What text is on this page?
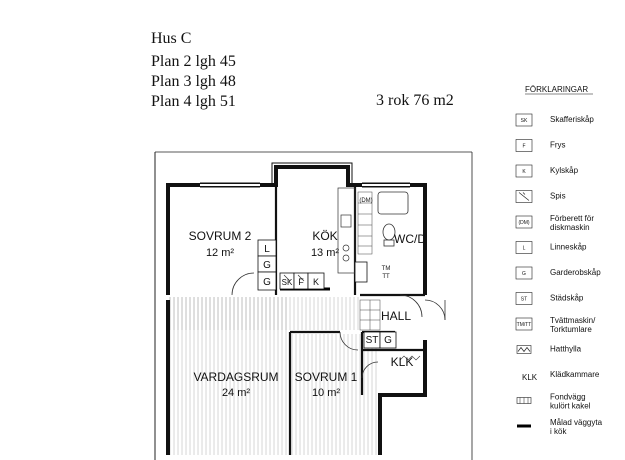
Hus C
Plan 2 lgh 45
Plan 3 lgh 48
Plan 4 lgh 51	3 rok 76 m2
SOVRUM 2
12 m²
KÖK
13 m²
WC/D
HALL
KLK
VARDAGSRUM
24 m²
SOVRUM 1
10 m²
L
G
G SK F K
ST G
(DM)
TM
TT
FÖRKLARINGAR
SK	Skafferiskåp
F	Frys
K	Kylskåp
Spis
(DM)	Förberett för
diskmaskin
L	Linneskåp
G	Garderobskåp
ST	Städskåp
TM/TT Tvättmaskin/
Torktumlare
Hatthylla
KLK Klädkammare
Fondvägg
kulört kakel
Målad väggyta
i kök
